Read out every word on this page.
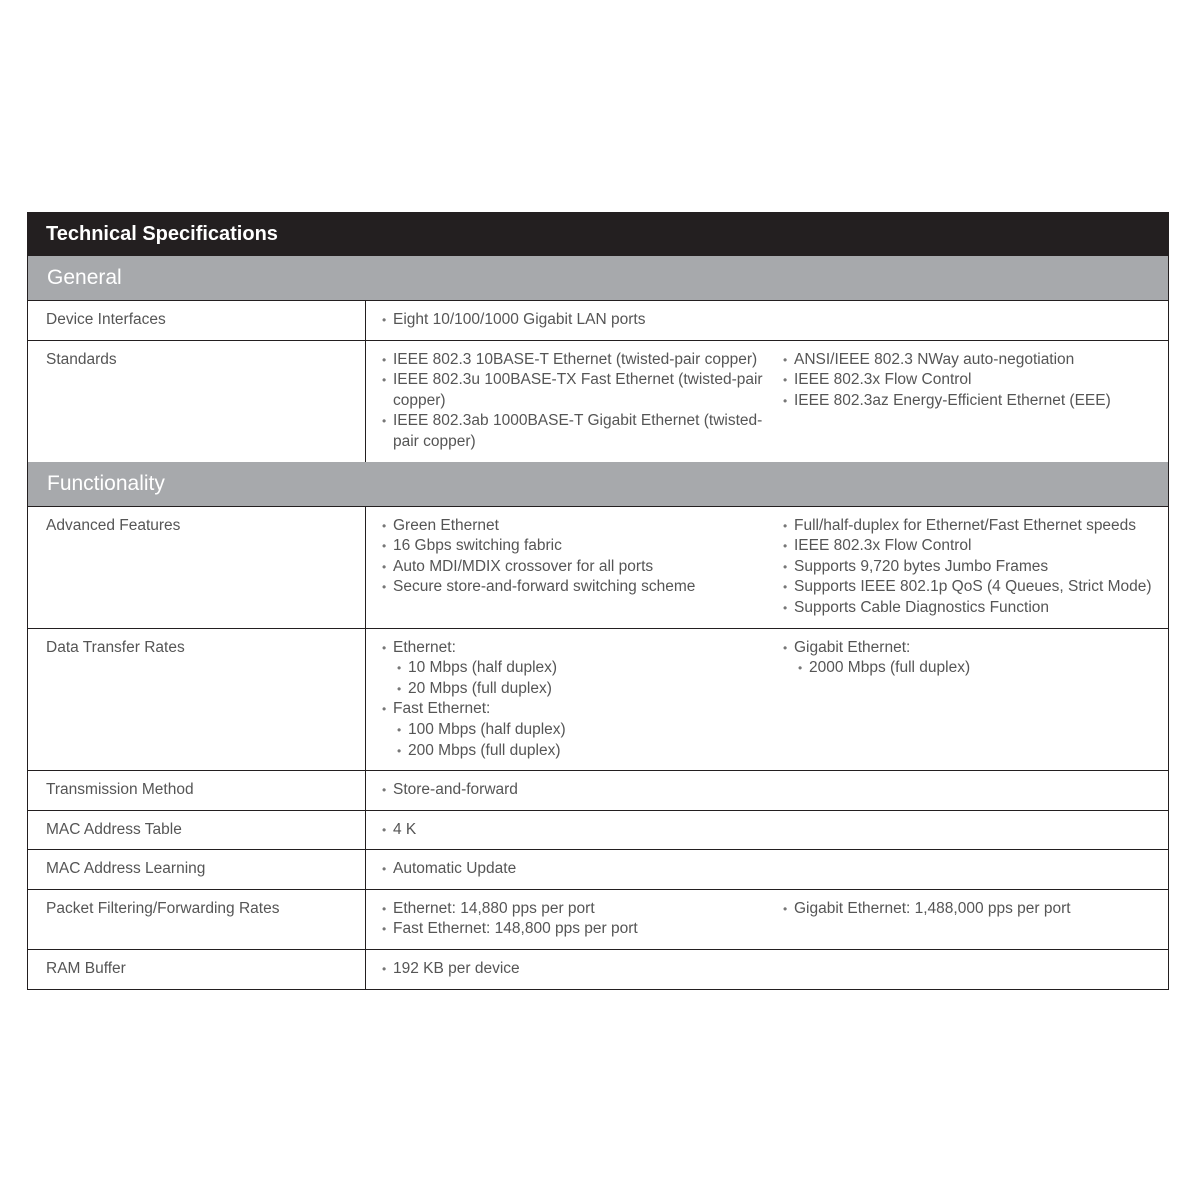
Technical Specifications
General
Device Interfaces	• Eight 10/100/1000 Gigabit LAN ports
Standards	• IEEE 802.3 10BASE-T Ethernet (twisted-pair copper)
• IEEE 802.3u 100BASE-TX Fast Ethernet (twisted-pair copper)
• IEEE 802.3ab 1000BASE-T Gigabit Ethernet (twisted-pair copper)
• ANSI/IEEE 802.3 NWay auto-negotiation
• IEEE 802.3x Flow Control
• IEEE 802.3az Energy-Efficient Ethernet (EEE)
Functionality
Advanced Features	• Green Ethernet
• 16 Gbps switching fabric
• Auto MDI/MDIX crossover for all ports
• Secure store-and-forward switching scheme
• Full/half-duplex for Ethernet/Fast Ethernet speeds
• IEEE 802.3x Flow Control
• Supports 9,720 bytes Jumbo Frames
• Supports IEEE 802.1p QoS (4 Queues, Strict Mode)
• Supports Cable Diagnostics Function
Data Transfer Rates	• Ethernet:
• 10 Mbps (half duplex)
• 20 Mbps (full duplex)
• Fast Ethernet:
• 100 Mbps (half duplex)
• 200 Mbps (full duplex)
• Gigabit Ethernet:
• 2000 Mbps (full duplex)
Transmission Method	• Store-and-forward
MAC Address Table	• 4 K
MAC Address Learning	• Automatic Update
Packet Filtering/Forwarding Rates	• Ethernet: 14,880 pps per port
• Fast Ethernet: 148,800 pps per port
• Gigabit Ethernet: 1,488,000 pps per port
RAM Buffer	• 192 KB per device
